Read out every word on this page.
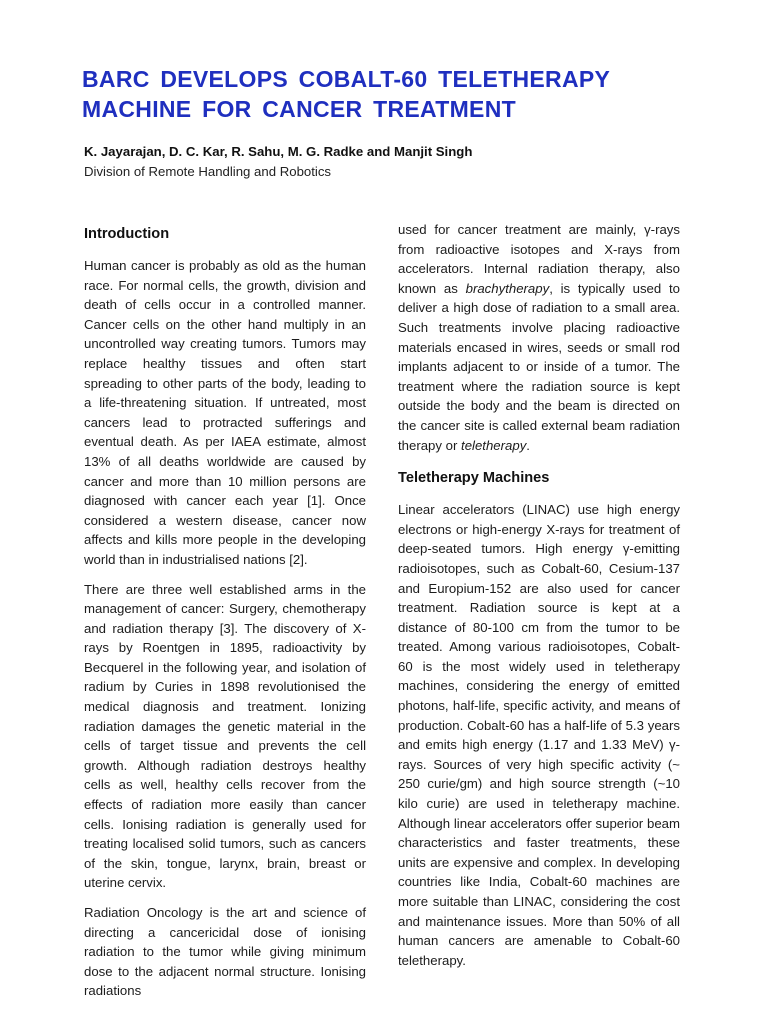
BARC DEVELOPS COBALT-60 TELETHERAPY
MACHINE FOR CANCER TREATMENT
K. Jayarajan, D. C. Kar, R. Sahu, M. G. Radke and Manjit Singh
Division of Remote Handling and Robotics
Introduction

Human cancer is probably as old as the human race. For normal cells, the growth, division and death of cells occur in a controlled manner. Cancer cells on the other hand multiply in an uncontrolled way creating tumors. Tumors may replace healthy tissues and often start spreading to other parts of the body, leading to a life-threatening situation. If untreated, most cancers lead to protracted sufferings and eventual death. As per IAEA estimate, almost 13% of all deaths worldwide are caused by cancer and more than 10 million persons are diagnosed with cancer each year [1]. Once considered a western disease, cancer now affects and kills more people in the developing world than in industrialised nations [2].

There are three well established arms in the management of cancer: Surgery, chemotherapy and radiation therapy [3]. The discovery of X-rays by Roentgen in 1895, radioactivity by Becquerel in the following year, and isolation of radium by Curies in 1898 revolutionised the medical diagnosis and treatment. Ionizing radiation damages the genetic material in the cells of target tissue and prevents the cell growth. Although radiation destroys healthy cells as well, healthy cells recover from the effects of radiation more easily than cancer cells. Ionising radiation is generally used for treating localised solid tumors, such as cancers of the skin, tongue, larynx, brain, breast or uterine cervix.

Radiation Oncology is the art and science of directing a cancericidal dose of ionising radiation to the tumor while giving minimum dose to the adjacent normal structure. Ionising radiations

used for cancer treatment are mainly, γ-rays from radioactive isotopes and X-rays from accelerators. Internal radiation therapy, also known as brachytherapy, is typically used to deliver a high dose of radiation to a small area. Such treatments involve placing radioactive materials encased in wires, seeds or small rod implants adjacent to or inside of a tumor. The treatment where the radiation source is kept outside the body and the beam is directed on the cancer site is called external beam radiation therapy or teletherapy.

Teletherapy Machines

Linear accelerators (LINAC) use high energy electrons or high-energy X-rays for treatment of deep-seated tumors. High energy γ-emitting radioisotopes, such as Cobalt-60, Cesium-137 and Europium-152 are also used for cancer treatment. Radiation source is kept at a distance of 80-100 cm from the tumor to be treated. Among various radioisotopes, Cobalt-60 is the most widely used in teletherapy machines, considering the energy of emitted photons, half-life, specific activity, and means of production. Cobalt-60 has a half-life of 5.3 years and emits high energy (1.17 and 1.33 MeV) γ-rays. Sources of very high specific activity (~ 250 curie/gm) and high source strength (~10 kilo curie) are used in teletherapy machine. Although linear accelerators offer superior beam characteristics and faster treatments, these units are expensive and complex. In developing countries like India, Cobalt-60 machines are more suitable than LINAC, considering the cost and maintenance issues. More than 50% of all human cancers are amenable to Cobalt-60 teletherapy.
